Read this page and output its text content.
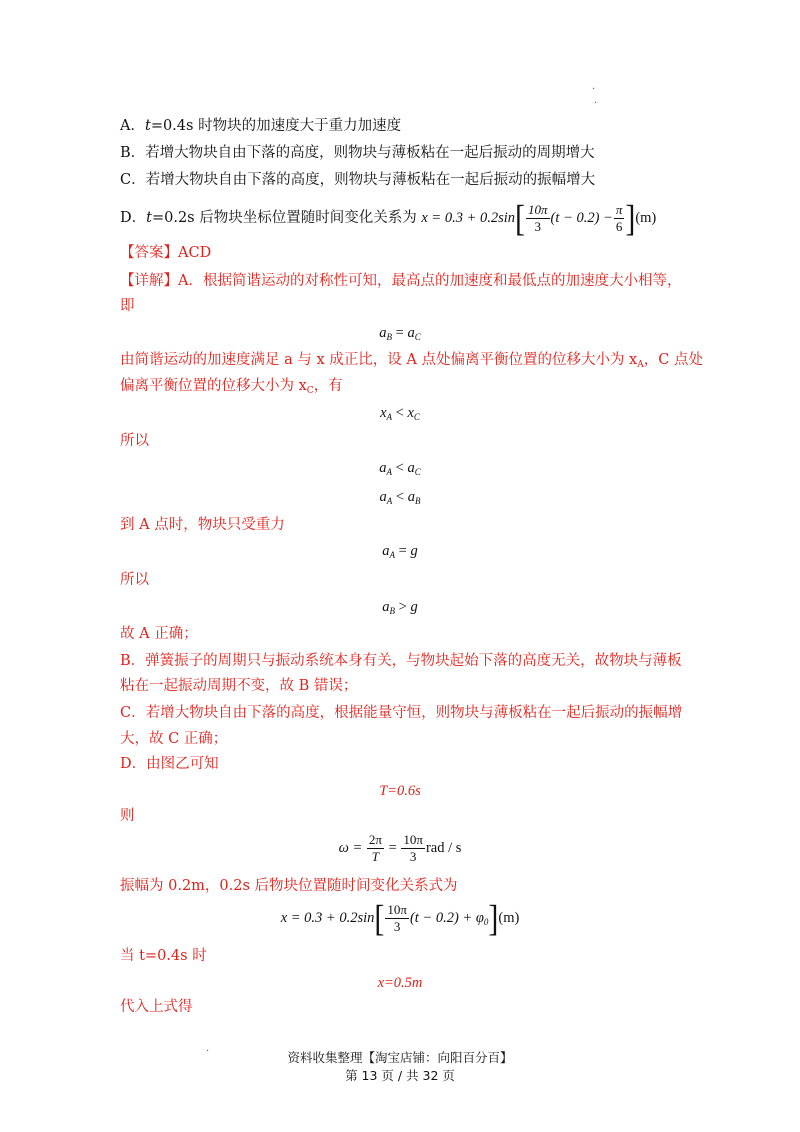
·
·
·
A．t=0.4s 时物块的加速度大于重力加速度
B．若增大物块自由下落的高度，则物块与薄板粘在一起后振动的周期增大
C．若增大物块自由下落的高度，则物块与薄板粘在一起后振动的振幅增大
D．t=0.2s 后物块坐标位置随时间变化关系为 $x = 0.3 + 0.2\sin[ \frac{10\pi}{3} (t - 0.2) - \frac{\pi}{6} ](m)$
【答案】ACD
【详解】A．根据简谐运动的对称性可知，最高点的加速度和最低点的加速度大小相等，
即
$a_B = a_C$
由简谐运动的加速度满足 a 与 x 成正比，设 A 点处偏离平衡位置的位移大小为 $x_A$，C 点处
偏离平衡位置的位移大小为 $x_C$，有
$x_A < x_C$
所以
$a_A < a_C$
$a_A < a_B$
到 A 点时，物块只受重力
$a_A = g$
所以
$a_B > g$
故 A 正确；
B．弹簧振子的周期只与振动系统本身有关，与物块起始下落的高度无关，故物块与薄板
粘在一起振动周期不变，故 B 错误；
C．若增大物块自由下落的高度，根据能量守恒，则物块与薄板粘在一起后振动的振幅增
大，故 C 正确；
D．由图乙可知
T=0.6s
则
$\omega = \frac{2\pi}{T} = \frac{10\pi}{3}$ rad / s
振幅为 0.2m，0.2s 后物块位置随时间变化关系式为
$x = 0.3 + 0.2\sin[ \frac{10\pi}{3} (t - 0.2) + \varphi_0](m)$
当 t=0.4s 时
x=0.5m
代入上式得
资料收集整理【淘宝店铺：向阳百分百】
第 13 页 / 共 32 页
